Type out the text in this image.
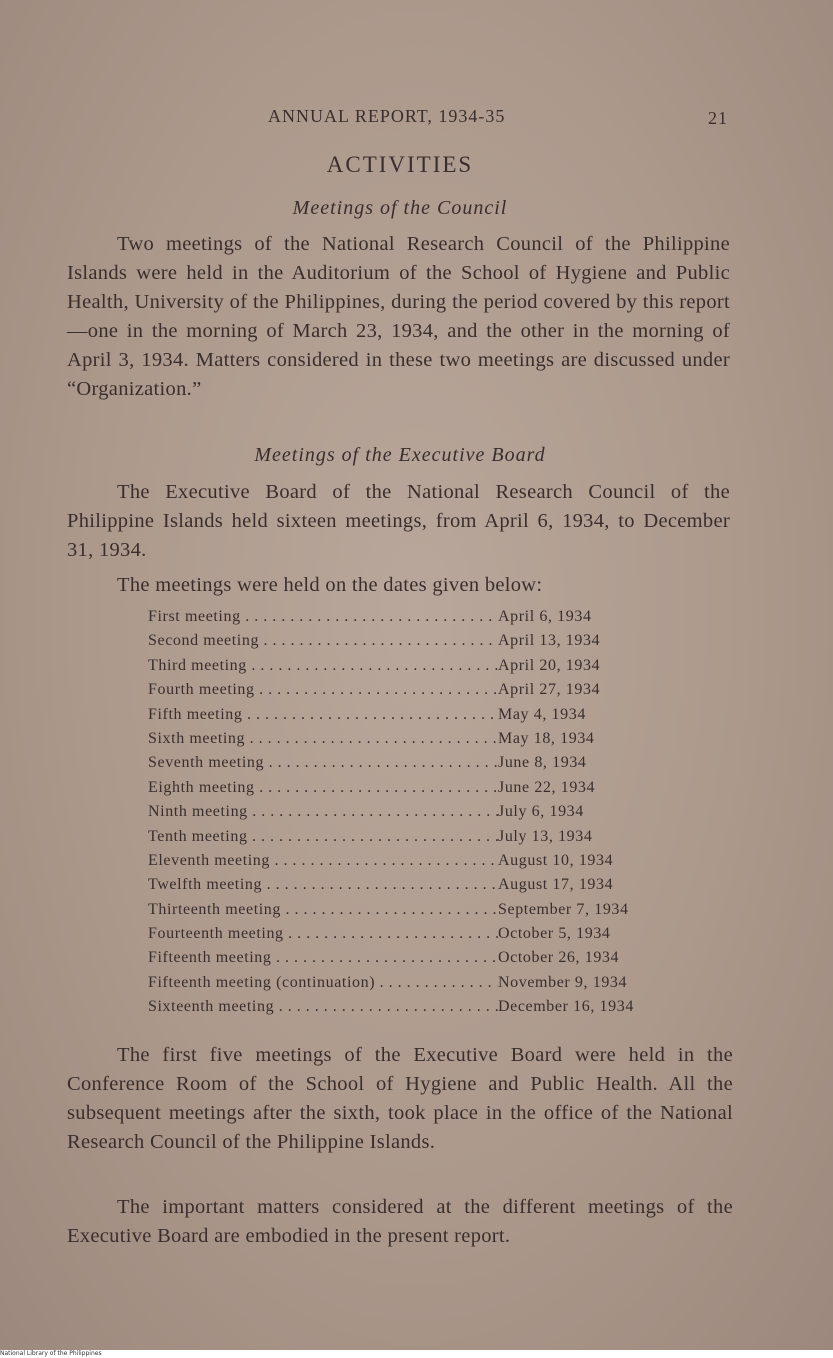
ANNUAL REPORT, 1934-35	21
ACTIVITIES
Meetings of the Council

Two meetings of the National Research Council of the Philippine Islands were held in the Auditorium of the School of Hygiene and Public Health, University of the Philippines, during the period covered by this report—one in the morning of March 23, 1934, and the other in the morning of April 3, 1934. Matters considered in these two meetings are discussed under “Organization.”

Meetings of the Executive Board

The Executive Board of the National Research Council of the Philippine Islands held sixteen meetings, from April 6, 1934, to December 31, 1934.

The meetings were held on the dates given below:
First meeting . . .	April 6, 1934
Second meeting . . .	April 13, 1934
Third meeting . . .	April 20, 1934
Fourth meeting . . .	April 27, 1934
Fifth meeting . . .	May 4, 1934
Sixth meeting . . .	May 18, 1934
Seventh meeting . . .	June 8, 1934
Eighth meeting . . .	June 22, 1934
Ninth meeting . . .	July 6, 1934
Tenth meeting . . .	July 13, 1934
Eleventh meeting . . .	August 10, 1934
Twelfth meeting . . .	August 17, 1934
Thirteenth meeting . . .	September 7, 1934
Fourteenth meeting . . .	October 5, 1934
Fifteenth meeting . . .	October 26, 1934
Fifteenth meeting (continuation) . . .	November 9, 1934
Sixteenth meeting . . .	December 16, 1934

The first five meetings of the Executive Board were held in the Conference Room of the School of Hygiene and Public Health. All the subsequent meetings after the sixth, took place in the office of the National Research Council of the Philippine Islands.

The important matters considered at the different meetings of the Executive Board are embodied in the present report.

National Library of the Philippines
